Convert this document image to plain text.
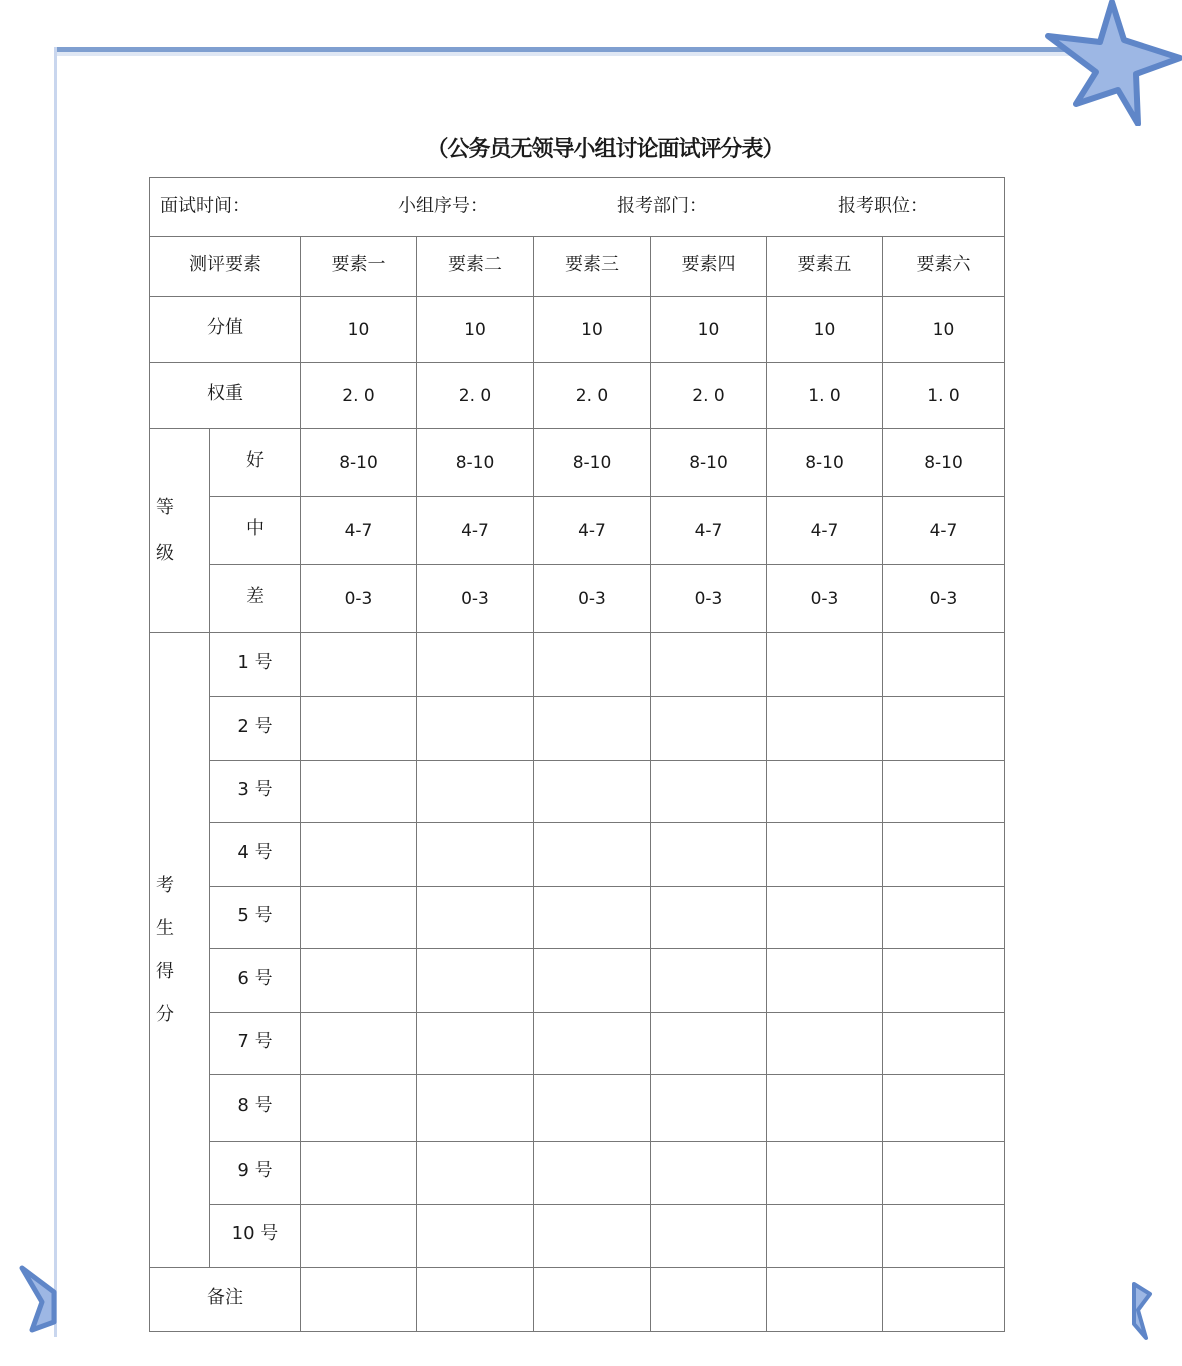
（公务员无领导小组讨论面试评分表）
面试时间： 小组序号： 报考部门： 报考职位：							

测评要素		要素一	要素二	要素三	要素四	要素五	要素六
分值		10	10	10	10	10	10
权重		2. 0	2. 0	2. 0	2. 0	1. 0	1. 0

等
级	好	8-10	8-10	8-10	8-10	8-10	8-10
	中	4-7	4-7	4-7	4-7	4-7	4-7
	差	0-3	0-3	0-3	0-3	0-3	0-3

考
生
得
分	1 号						
	2 号						
	3 号						
	4 号						
	5 号						
	6 号						
	7 号						
	8 号						
	9 号						
	10 号						
备注							
